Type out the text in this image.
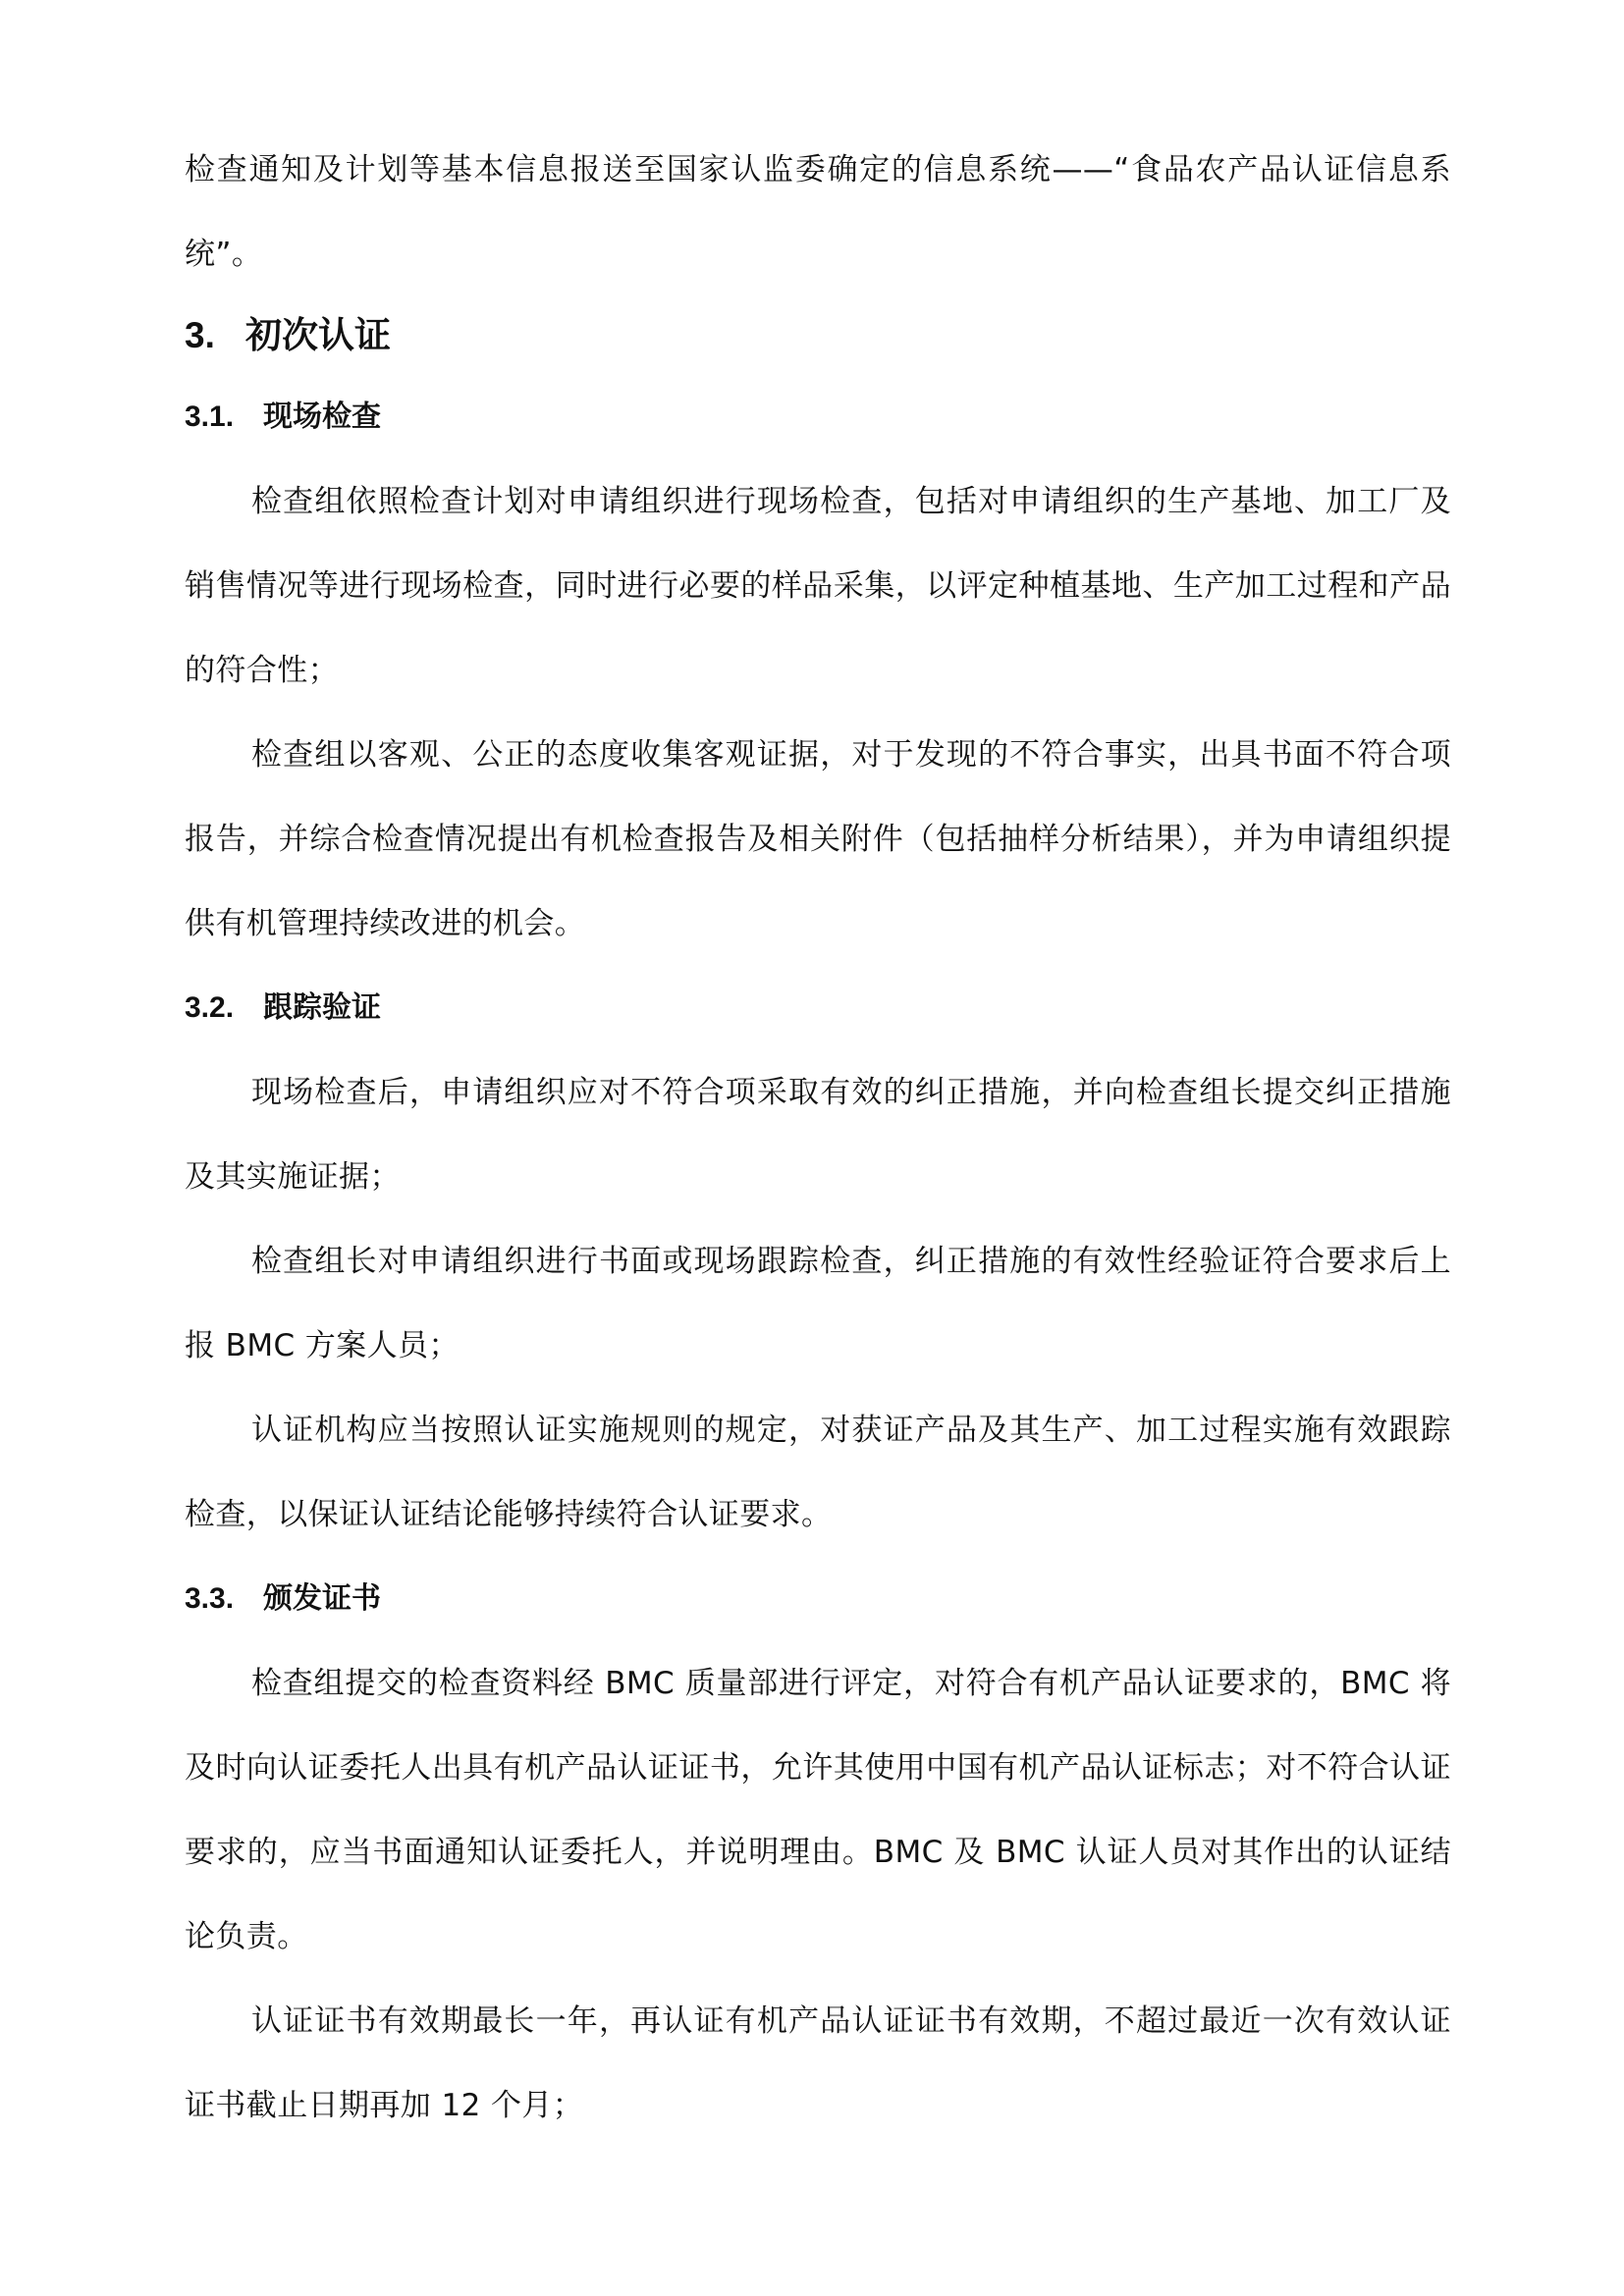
检查通知及计划等基本信息报送至国家认监委确定的信息系统——“食品农产品认证信息系统”。

3. 初次认证
3.1. 现场检查

检查组依照检查计划对申请组织进行现场检查，包括对申请组织的生产基地、加工厂及销售情况等进行现场检查，同时进行必要的样品采集，以评定种植基地、生产加工过程和产品的符合性；

检查组以客观、公正的态度收集客观证据，对于发现的不符合事实，出具书面不符合项报告，并综合检查情况提出有机检查报告及相关附件（包括抽样分析结果），并为申请组织提供有机管理持续改进的机会。

3.2. 跟踪验证

现场检查后，申请组织应对不符合项采取有效的纠正措施，并向检查组长提交纠正措施及其实施证据；

检查组长对申请组织进行书面或现场跟踪检查，纠正措施的有效性经验证符合要求后上报 BMC 方案人员；

认证机构应当按照认证实施规则的规定，对获证产品及其生产、加工过程实施有效跟踪检查，以保证认证结论能够持续符合认证要求。

3.3. 颁发证书

检查组提交的检查资料经 BMC 质量部进行评定，对符合有机产品认证要求的，BMC 将及时向认证委托人出具有机产品认证证书，允许其使用中国有机产品认证标志；对不符合认证要求的，应当书面通知认证委托人，并说明理由。BMC 及 BMC 认证人员对其作出的认证结论负责。

认证证书有效期最长一年，再认证有机产品认证证书有效期，不超过最近一次有效认证证书截止日期再加 12 个月；
